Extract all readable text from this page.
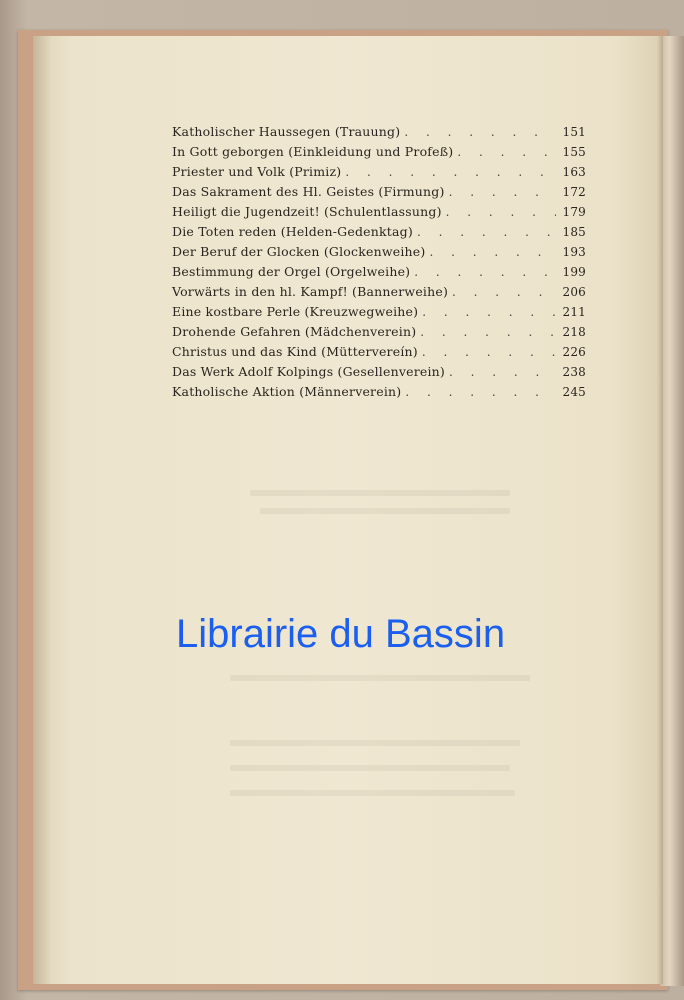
Katholischer Haussegen (Trauung) . . .	151
In Gott geborgen (Einkleidung und Profeß) . . .	155
Priester und Volk (Primiz) . . .	163
Das Sakrament des Hl. Geistes (Firmung) . . .	172
Heiligt die Jugendzeit! (Schulentlassung) . . .	179
Die Toten reden (Helden-Gedenktag) . . .	185
Der Beruf der Glocken (Glockenweihe) . . .	193
Bestimmung der Orgel (Orgelweihe) . . .	199
Vorwärts in den hl. Kampf! (Bannerweihe) . . .	206
Eine kostbare Perle (Kreuzwegweihe) . . .	211
Drohende Gefahren (Mädchenverein) . . .	218
Christus und das Kind (Müttervereín) . . .	226
Das Werk Adolf Kolpings (Gesellenverein) . . .	238
Katholische Aktion (Männerverein) . . .	245
Librairie du Bassin
